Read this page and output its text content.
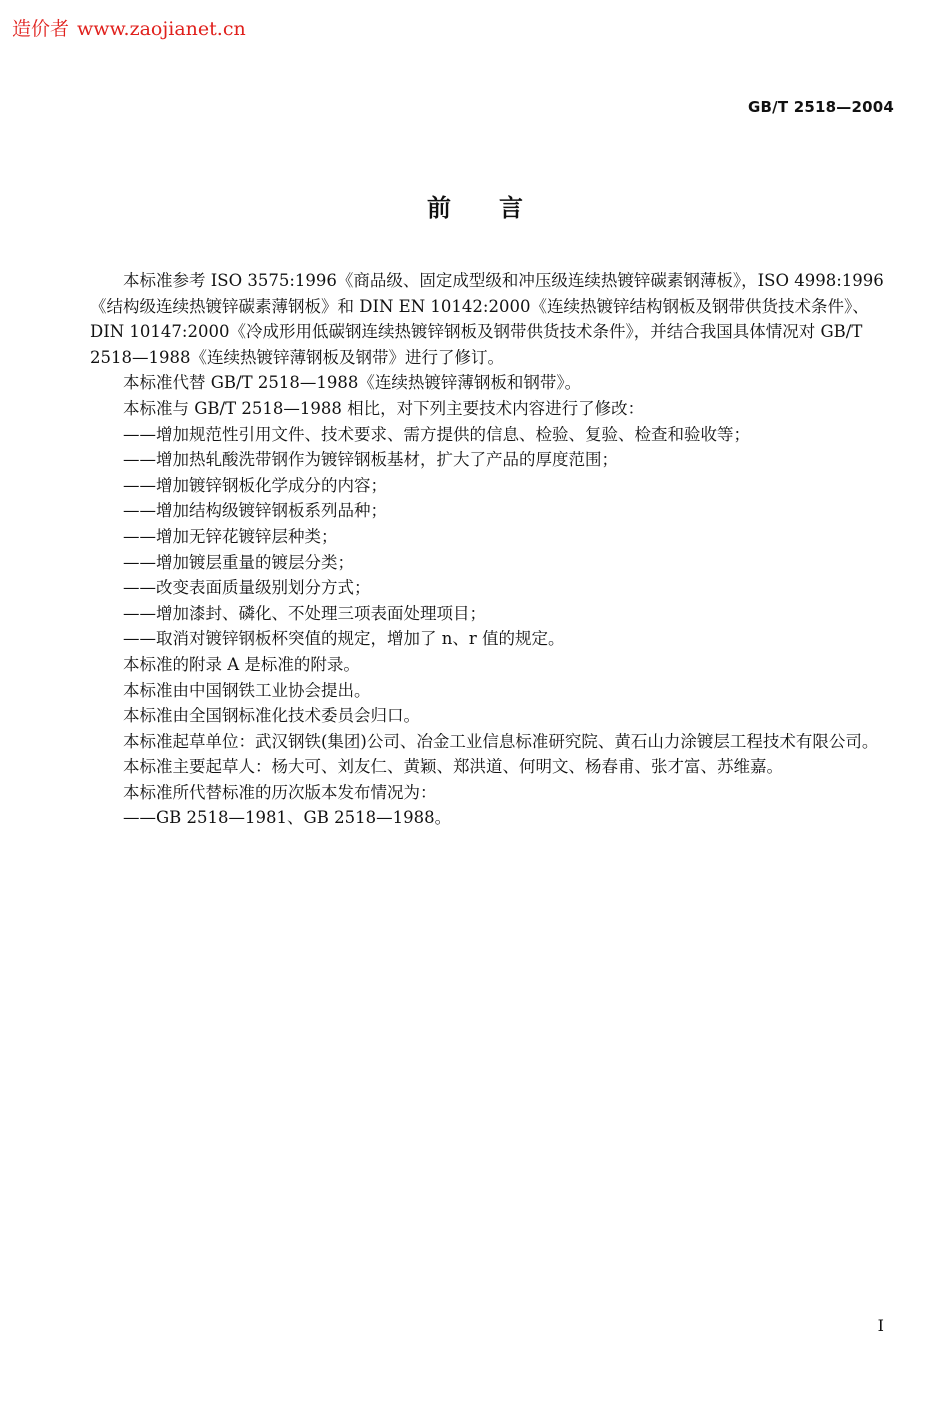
造价者 www.zaojianet.cn
GB/T 2518—2004
前言

本标准参考 ISO 3575:1996《商品级、固定成型级和冲压级连续热镀锌碳素钢薄板》，ISO 4998:1996《结构级连续热镀锌碳素薄钢板》和 DIN EN 10142:2000《连续热镀锌结构钢板及钢带供货技术条件》、DIN 10147:2000《冷成形用低碳钢连续热镀锌钢板及钢带供货技术条件》，并结合我国具体情况对 GB/T 2518—1988《连续热镀锌薄钢板及钢带》进行了修订。

本标准代替 GB/T 2518—1988《连续热镀锌薄钢板和钢带》。

本标准与 GB/T 2518—1988 相比，对下列主要技术内容进行了修改：

——增加规范性引用文件、技术要求、需方提供的信息、检验、复验、检查和验收等；

——增加热轧酸洗带钢作为镀锌钢板基材，扩大了产品的厚度范围；

——增加镀锌钢板化学成分的内容；

——增加结构级镀锌钢板系列品种；

——增加无锌花镀锌层种类；

——增加镀层重量的镀层分类；

——改变表面质量级别划分方式；

——增加漆封、磷化、不处理三项表面处理项目；

——取消对镀锌钢板杯突值的规定，增加了 n、r 值的规定。

本标准的附录 A 是标准的附录。

本标准由中国钢铁工业协会提出。

本标准由全国钢标准化技术委员会归口。

本标准起草单位：武汉钢铁(集团)公司、冶金工业信息标准研究院、黄石山力涂镀层工程技术有限公司。

本标准主要起草人：杨大可、刘友仁、黄颖、郑洪道、何明文、杨春甫、张才富、苏维嘉。

本标准所代替标准的历次版本发布情况为：

——GB 2518—1981、GB 2518—1988。

I
